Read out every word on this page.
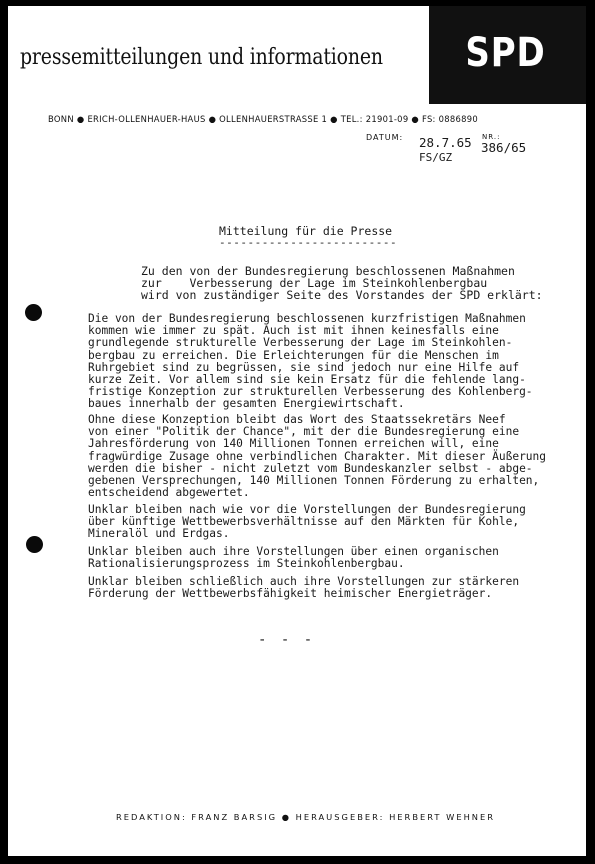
pressemitteilungen und informationen SPD
BONN ● ERICH-OLLENHAUER-HAUS ● OLLENHAUERSTRASSE 1 ● TEL.: 21901-09 ● FS: 0886890
DATUM: 28.7.65 NR.:
386/65
FS/GZ
Mitteilung für die Presse
-------------------------
Zu den von der Bundesregierung beschlossenen Maßnahmen
zur    Verbesserung der Lage im Steinkohlenbergbau
wird von zuständiger Seite des Vorstandes der SPD erklärt:
Die von der Bundesregierung beschlossenen kurzfristigen Maßnahmen
kommen wie immer zu spät. Auch ist mit ihnen keinesfalls eine
grundlegende strukturelle Verbesserung der Lage im Steinkohlen-
bergbau zu erreichen. Die Erleichterungen für die Menschen im
Ruhrgebiet sind zu begrüssen, sie sind jedoch nur eine Hilfe auf
kurze Zeit. Vor allem sind sie kein Ersatz für die fehlende lang-
fristige Konzeption zur strukturellen Verbesserung des Kohlenberg-
baues innerhalb der gesamten Energiewirtschaft.
Ohne diese Konzeption bleibt das Wort des Staatssekretärs Neef
von einer "Politik der Chance", mit der die Bundesregierung eine
Jahresförderung von 140 Millionen Tonnen erreichen will, eine
fragwürdige Zusage ohne verbindlichen Charakter. Mit dieser Äußerung
werden die bisher - nicht zuletzt vom Bundeskanzler selbst - abge-
gebenen Versprechungen, 140 Millionen Tonnen Förderung zu erhalten,
entscheidend abgewertet.
Unklar bleiben nach wie vor die Vorstellungen der Bundesregierung
über künftige Wettbewerbsverhältnisse auf den Märkten für Kohle,
Mineralöl und Erdgas.
Unklar bleiben auch ihre Vorstellungen über einen organischen
Rationalisierungsprozess im Steinkohlenbergbau.
Unklar bleiben schließlich auch ihre Vorstellungen zur stärkeren
Förderung der Wettbewerbsfähigkeit heimischer Energieträger.
- - -
REDAKTION: FRANZ BARSIG ● HERAUSGEBER: HERBERT WEHNER
